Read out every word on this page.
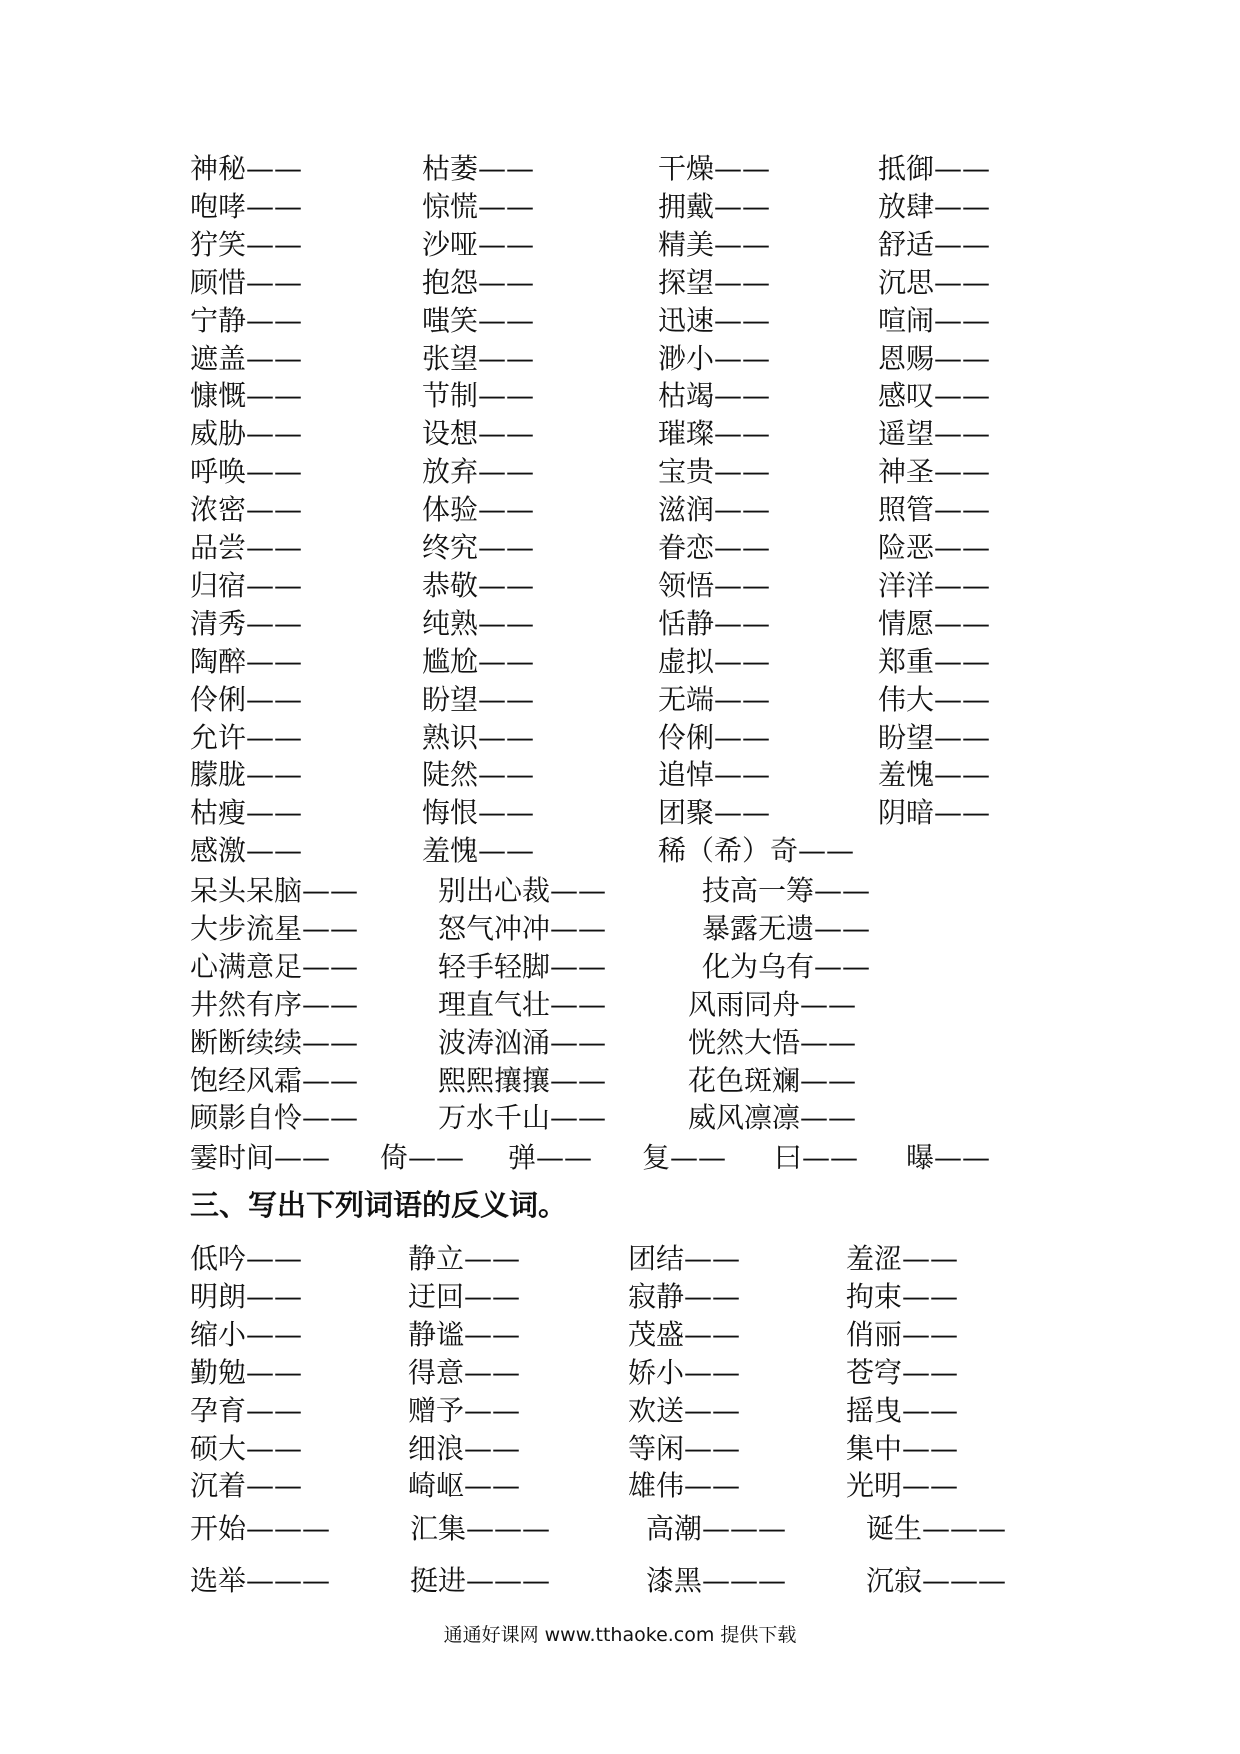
神秘——	枯萎——	干燥——	抵御——
咆哮——	惊慌——	拥戴——	放肆——
狞笑——	沙哑——	精美——	舒适——
顾惜——	抱怨——	探望——	沉思——
宁静——	嗤笑——	迅速——	喧闹——
遮盖——	张望——	渺小——	恩赐——
慷慨——	节制——	枯竭——	感叹——
威胁——	设想——	璀璨——	遥望——
呼唤——	放弃——	宝贵——	神圣——
浓密——	体验——	滋润——	照管——
品尝——	终究——	眷恋——	险恶——
归宿——	恭敬——	领悟——	洋洋——
清秀——	纯熟——	恬静——	情愿——
陶醉——	尴尬——	虚拟——	郑重——
伶俐——	盼望——	无端——	伟大——
允许——	熟识——	伶俐——	盼望——
朦胧——	陡然——	追悼——	羞愧——
枯瘦——	悔恨——	团聚——	阴暗——
感激——	羞愧——	稀（希）奇——
呆头呆脑——	别出心裁——	技高一筹——
大步流星——	怒气冲冲——	暴露无遗——
心满意足——	轻手轻脚——	化为乌有——
井然有序——	理直气壮——	风雨同舟——
断断续续——	波涛汹涌——	恍然大悟——
饱经风霜——	熙熙攘攘——	花色斑斓——
顾影自怜——	万水千山——	威风凛凛——
霎时间—— 倚—— 弹—— 复—— 曰—— 曝——
三、写出下列词语的反义词。
低吟——	静立——	团结——	羞涩——
明朗——	迂回——	寂静——	拘束——
缩小——	静谧——	茂盛——	俏丽——
勤勉——	得意——	娇小——	苍穹——
孕育——	赠予——	欢送——	摇曳——
硕大——	细浪——	等闲——	集中——
沉着——	崎岖——	雄伟——	光明——
开始———	汇集———	高潮———	诞生———
选举———	挺进———	漆黑———	沉寂———
通通好课网 www.tthaoke.com 提供下载
